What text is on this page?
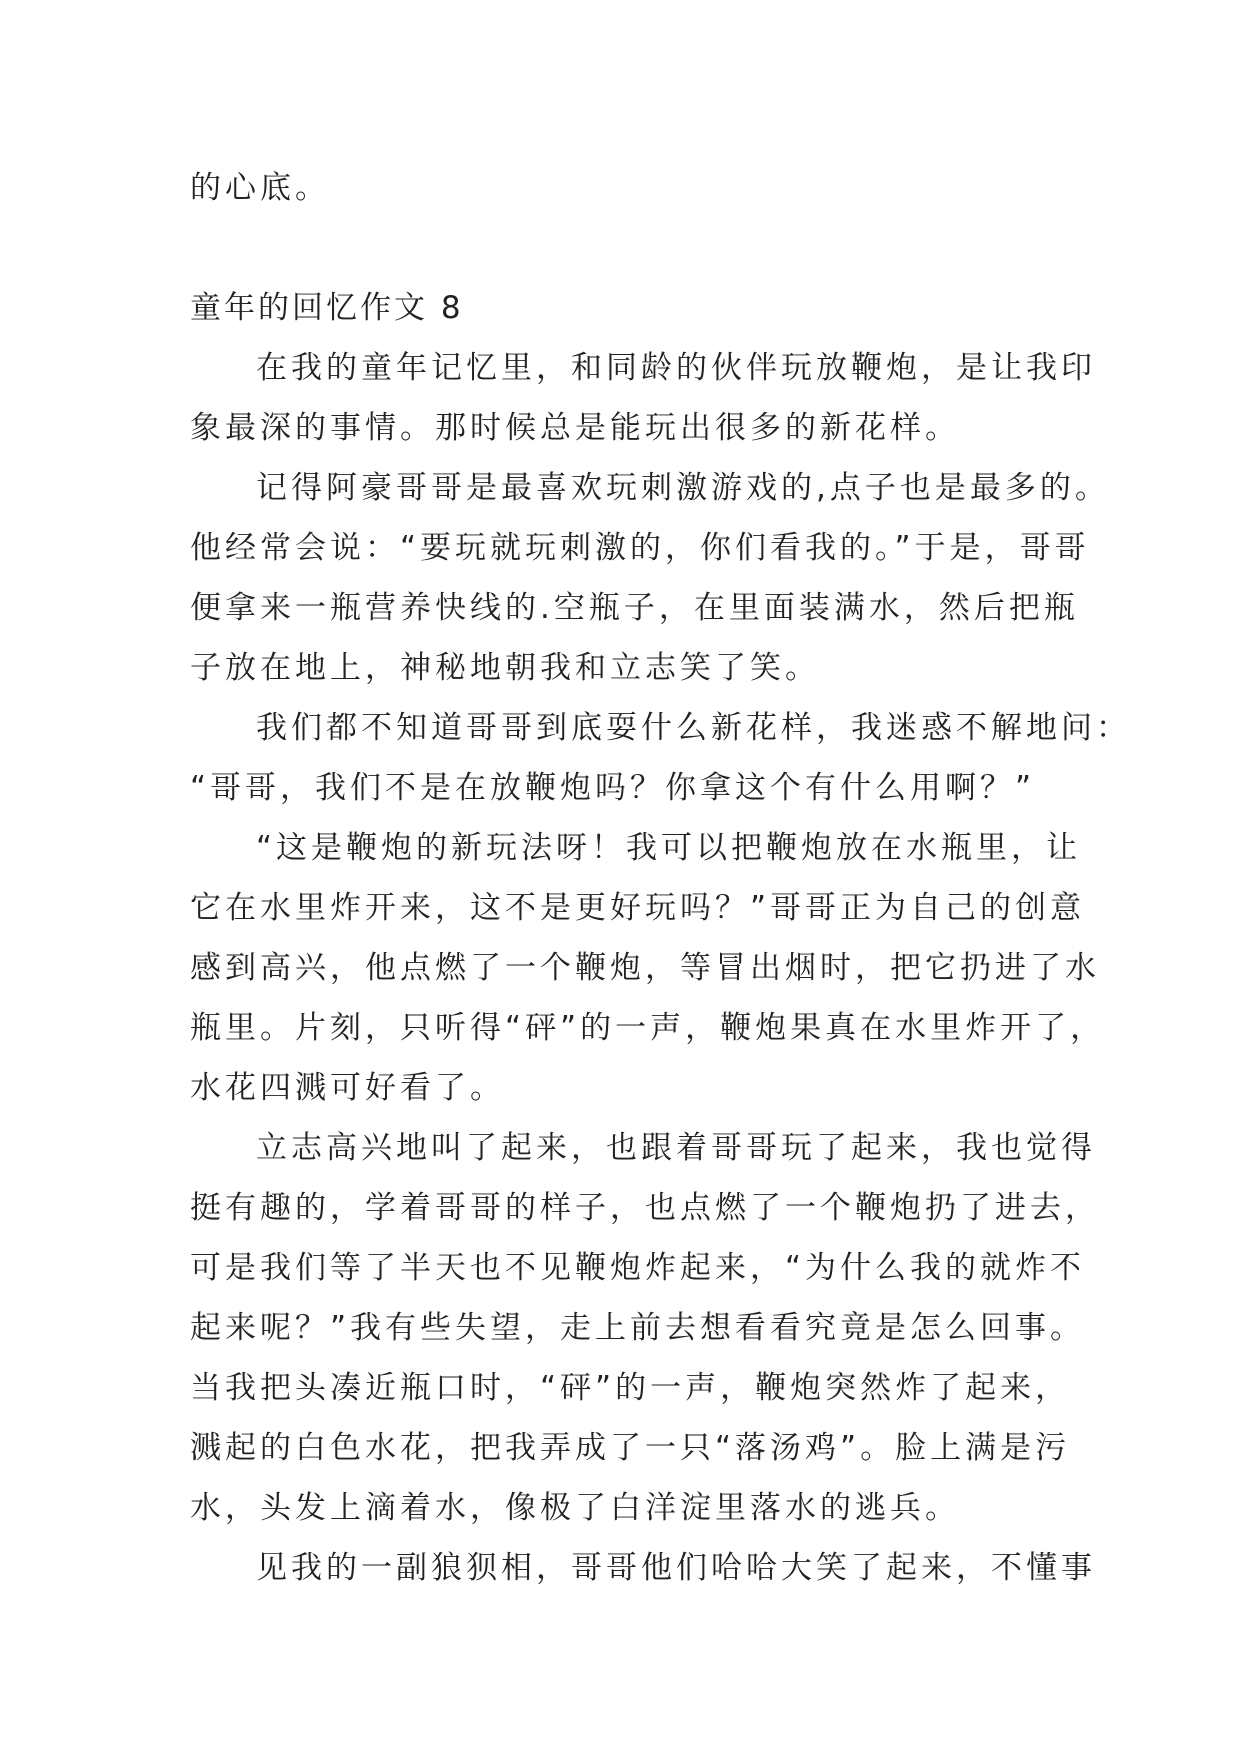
的心底。
童年的回忆作文 8
在我的童年记忆里，和同龄的伙伴玩放鞭炮，是让我印
象最深的事情。那时候总是能玩出很多的新花样。
记得阿豪哥哥是最喜欢玩刺激游戏的,点子也是最多的。
他经常会说：“要玩就玩刺激的，你们看我的。”于是，哥哥
便拿来一瓶营养快线的.空瓶子，在里面装满水，然后把瓶
子放在地上，神秘地朝我和立志笑了笑。
我们都不知道哥哥到底耍什么新花样，我迷惑不解地问：
“哥哥，我们不是在放鞭炮吗？你拿这个有什么用啊？”
“这是鞭炮的新玩法呀！我可以把鞭炮放在水瓶里，让
它在水里炸开来，这不是更好玩吗？”哥哥正为自己的创意
感到高兴，他点燃了一个鞭炮，等冒出烟时，把它扔进了水
瓶里。片刻，只听得“砰”的一声，鞭炮果真在水里炸开了，
水花四溅可好看了。
立志高兴地叫了起来，也跟着哥哥玩了起来，我也觉得
挺有趣的，学着哥哥的样子，也点燃了一个鞭炮扔了进去，
可是我们等了半天也不见鞭炮炸起来，“为什么我的就炸不
起来呢？”我有些失望，走上前去想看看究竟是怎么回事。
当我把头凑近瓶口时，“砰”的一声，鞭炮突然炸了起来，
溅起的白色水花，把我弄成了一只“落汤鸡”。脸上满是污
水，头发上滴着水，像极了白洋淀里落水的逃兵。
见我的一副狼狈相，哥哥他们哈哈大笑了起来，不懂事
